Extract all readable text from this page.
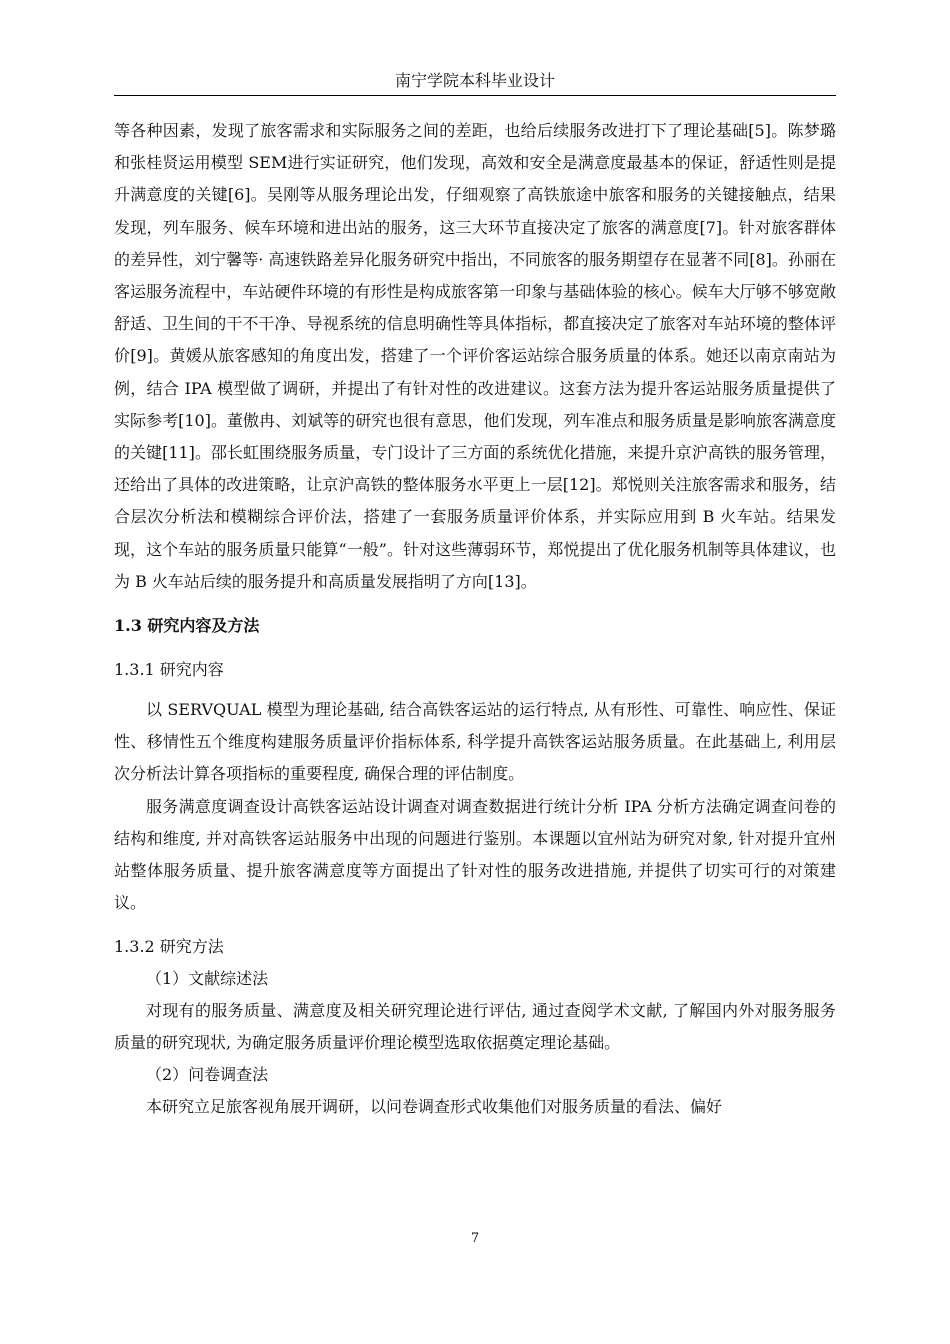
南宁学院本科毕业设计

等各种因素，发现了旅客需求和实际服务之间的差距，也给后续服务改进打下了理论基础[5]。陈梦璐和张桂贤运用模型 SEM进行实证研究，他们发现，高效和安全是满意度最基本的保证，舒适性则是提升满意度的关键[6]。吴刚等从服务理论出发，仔细观察了高铁旅途中旅客和服务的关键接触点，结果发现，列车服务、候车环境和进出站的服务，这三大环节直接决定了旅客的满意度[7]。针对旅客群体的差异性，刘宁馨等· 高速铁路差异化服务研究中指出，不同旅客的服务期望存在显著不同[8]。孙丽在客运服务流程中，车站硬件环境的有形性是构成旅客第一印象与基础体验的核心。候车大厅够不够宽敞舒适、卫生间的干不干净、导视系统的信息明确性等具体指标，都直接决定了旅客对车站环境的整体评价[9]。黄媛从旅客感知的角度出发，搭建了一个评价客运站综合服务质量的体系。她还以南京南站为例，结合 IPA 模型做了调研，并提出了有针对性的改进建议。这套方法为提升客运站服务质量提供了实际参考[10]。董傲冉、刘斌等的研究也很有意思，他们发现，列车准点和服务质量是影响旅客满意度的关键[11]。邵长虹围绕服务质量，专门设计了三方面的系统优化措施，来提升京沪高铁的服务管理，还给出了具体的改进策略，让京沪高铁的整体服务水平更上一层[12]。郑悦则关注旅客需求和服务，结合层次分析法和模糊综合评价法，搭建了一套服务质量评价体系，并实际应用到 B 火车站。结果发现，这个车站的服务质量只能算“一般”。针对这些薄弱环节，郑悦提出了优化服务机制等具体建议，也为 B 火车站后续的服务提升和高质量发展指明了方向[13]。

1.3 研究内容及方法

1.3.1 研究内容

以 SERVQUAL 模型为理论基础, 结合高铁客运站的运行特点, 从有形性、可靠性、响应性、保证性、移情性五个维度构建服务质量评价指标体系, 科学提升高铁客运站服务质量。在此基础上, 利用层次分析法计算各项指标的重要程度, 确保合理的评估制度。

服务满意度调查设计高铁客运站设计调查对调查数据进行统计分析 IPA 分析方法确定调查问卷的结构和维度, 并对高铁客运站服务中出现的问题进行鉴别。本课题以宜州站为研究对象, 针对提升宜州站整体服务质量、提升旅客满意度等方面提出了针对性的服务改进措施, 并提供了切实可行的对策建议。

1.3.2 研究方法

（1）文献综述法

对现有的服务质量、满意度及相关研究理论进行评估, 通过查阅学术文献, 了解国内外对服务服务质量的研究现状, 为确定服务质量评价理论模型选取依据奠定理论基础。

（2）问卷调查法

本研究立足旅客视角展开调研，以问卷调查形式收集他们对服务质量的看法、偏好

7
